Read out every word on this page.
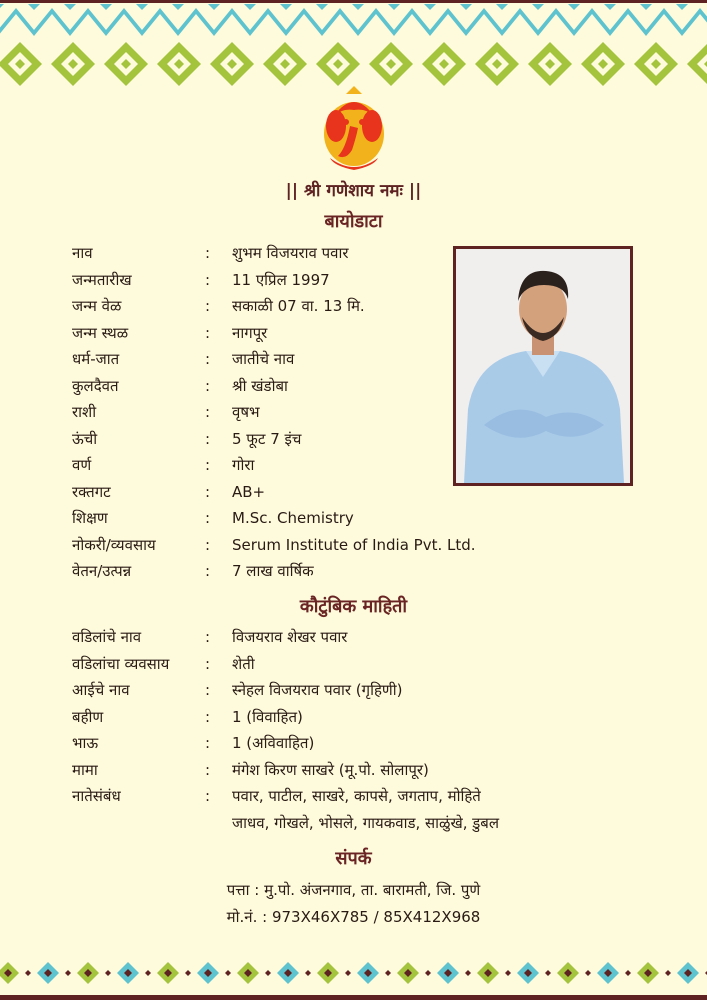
|| श्री गणेशाय नमः ||
बायोडाटा
नाव	: शुभम विजयराव पवार
जन्मतारीख	: 11 एप्रिल 1997
जन्म वेळ	: सकाळी 07 वा. 13 मि.
जन्म स्थळ	: नागपूर
धर्म-जात	: जातीचे नाव
कुलदैवत	: श्री खंडोबा
राशी	: वृषभ
ऊंची	: 5 फूट 7 इंच
वर्ण	: गोरा
रक्तगट	: AB+
शिक्षण	: M.Sc. Chemistry
नोकरी/व्यवसाय	: Serum Institute of India Pvt. Ltd.
वेतन/उत्पन्न	: 7 लाख वार्षिक
कौटुंबिक माहिती
वडिलांचे नाव	: विजयराव शेखर पवार
वडिलांचा व्यवसाय	: शेती
आईचे नाव	: स्नेहल विजयराव पवार (गृहिणी)
बहीण	: 1 (विवाहित)
भाऊ	: 1 (अविवाहित)
मामा	: मंगेश किरण साखरे (मू.पो. सोलापूर)
नातेसंबंध	: पवार, पाटील, साखरे, कापसे, जगताप, मोहिते
जाधव, गोखले, भोसले, गायकवाड, साळुंखे, डुबल
संपर्क
पत्ता : मु.पो. अंजनगाव, ता. बारामती, जि. पुणे
मो.नं. : 973X46X785 / 85X412X968
